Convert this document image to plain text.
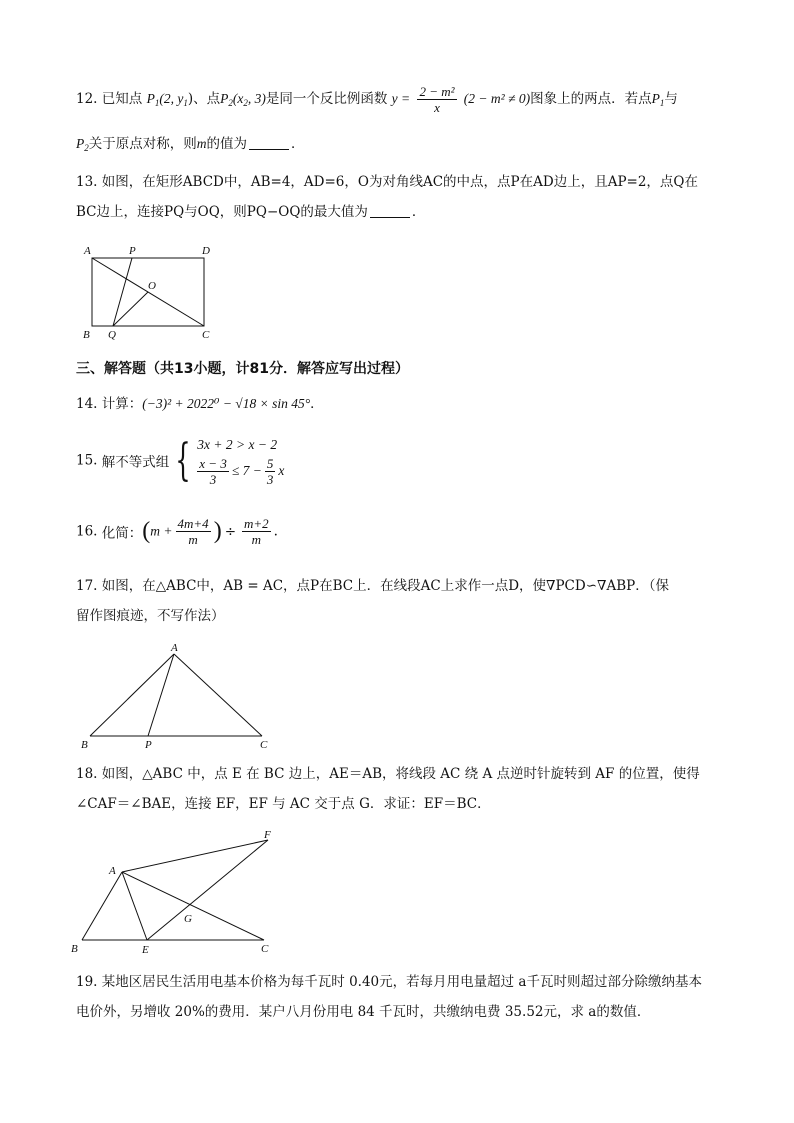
12. 已知点 $P_1(2$, $y_1$)、点$P_2(x_2$, 3)是同一个反比例函数 $y = \frac{\text{2 − m²}}{x} (2 - m^2 \ne 0)$图象上的两点．若点$P_1$与
$P_2$关于原点对称，则m的值为	．
13. 如图，在矩形ABCD中，AB=4，AD=6，O为对角线AC的中点，点P在AD边上，且AP=2，点Q在
BC边上，连接PQ与OQ，则PQ−OQ的最大值为	．
A	P	D
O
B Q	C
三、解答题（共13小题，计81分．解答应写出过程）
14. 计算：(−3)² + 2022⁰ − √18 × sin 45°．
15. 解不等式组 { 3x + 2 > x − 2
$\frac{x - 3}{3} \le 7 - \frac{5}{3}$ x
16. 化简：($m + \frac{4m+4}{m}$ ) ÷ $\frac{m+2}{m}$ .
17. 如图，在△ABC中，AB = AC，点P在BC上．在线段AC上求作一点D，使∇PCD∽∇ABP．（保
留作图痕迹，不写作法）
A
B	P	C
18. 如图，△ABC 中，点 E 在 BC 边上，AE＝AB，将线段 AC 绕 A 点逆时针旋转到 AF 的位置，使得
∠CAF＝∠BAE，连接 EF，EF 与 AC 交于点 G．求证：EF＝BC．
A
F
G
B	E	C
19. 某地区居民生活用电基本价格为每千瓦时 0.40元，若每月用电量超过 a千瓦时则超过部分除缴纳基本
电价外，另增收 20%的费用．某户八月份用电 84 千瓦时，共缴纳电费 35.52元，求 a的数值．
